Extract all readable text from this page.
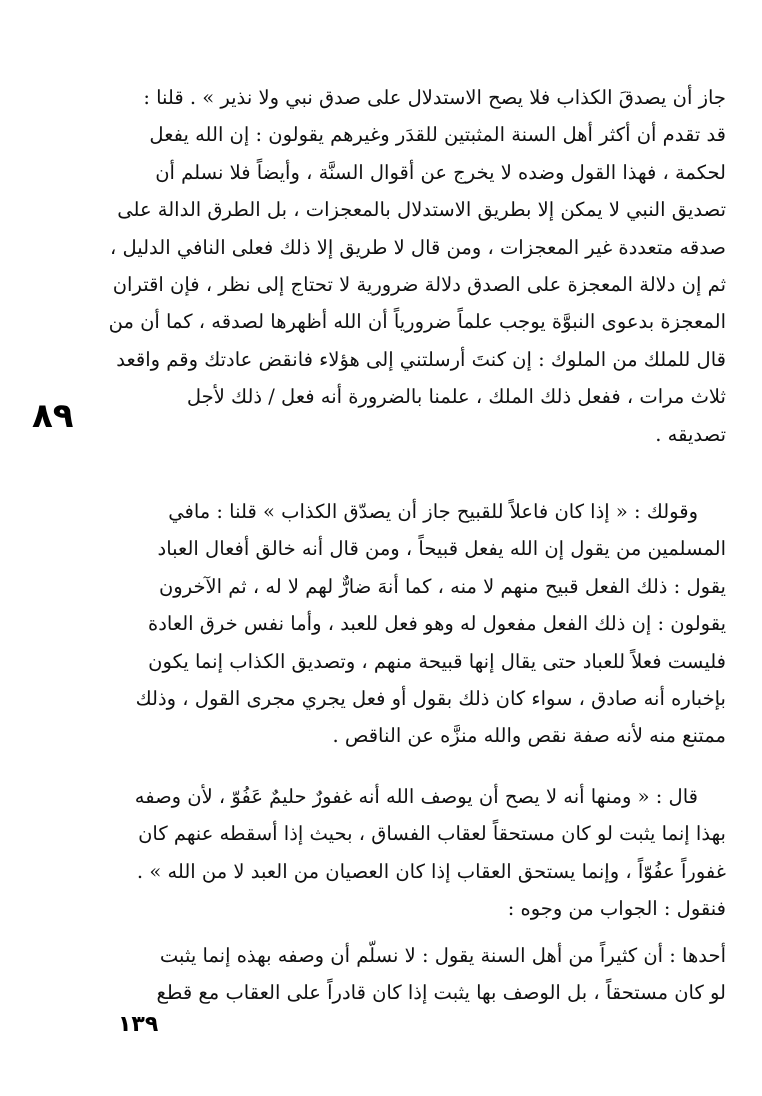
٨٩
جاز أن يصدقَ الكذاب فلا يصح الاستدلال على صدق نبي ولا نذير » . قلنا :
قد تقدم أن أكثر أهل السنة المثبتين للقدَر وغيرهم يقولون : إن الله يفعل
لحكمة ، فهذا القول وضده لا يخرج عن أقوال السنَّة ، وأيضاً فلا نسلم أن
تصديق النبي لا يمكن إلا بطريق الاستدلال بالمعجزات ، بل الطرق الدالة على
صدقه متعددة غير المعجزات ، ومن قال لا طريق إلا ذلك فعلى النافي الدليل ،
ثم إن دلالة المعجزة على الصدق دلالة ضرورية لا تحتاج إلى نظر ، فإن اقتران
المعجزة بدعوى النبوَّة يوجب علماً ضرورياً أن الله أظهرها لصدقه ، كما أن من
قال للملك من الملوك : إن كنتَ أرسلتني إلى هؤلاء فانقض عادتك وقم واقعد
ثلاث مرات ، ففعل ذلك الملك ، علمنا بالضرورة أنه فعل / ذلك لأجل
تصديقه .
وقولك : « إذا كان فاعلاً للقبيح جاز أن يصدّق الكذاب » قلنا : مافي
المسلمين من يقول إن الله يفعل قبيحاً ، ومن قال أنه خالق أفعال العباد
يقول : ذلك الفعل قبيح منهم لا منه ، كما أنهَ ضارٌّ لهم لا له ، ثم الآخرون
يقولون : إن ذلك الفعل مفعول له وهو فعل للعبد ، وأما نفس خرق العادة
فليست فعلاً للعباد حتى يقال إنها قبيحة منهم ، وتصديق الكذاب إنما يكون
بإخباره أنه صادق ، سواء كان ذلك بقول أو فعل يجري مجرى القول ، وذلك
ممتنع منه لأنه صفة نقص والله منزَّه عن الناقص .
قال : « ومنها أنه لا يصح أن يوصف الله أنه غفورٌ حليمٌ عَفُوّ ، لأن وصفه
بهذا إنما يثبت لو كان مستحقاً لعقاب الفساق ، بحيث إذا أسقطه عنهم كان
غفوراً عفُوّاً ، وإنما يستحق العقاب إذا كان العصيان من العبد لا من الله » .
فنقول : الجواب من وجوه :
أحدها : أن كثيراً من أهل السنة يقول : لا نسلّم أن وصفه بهذه إنما يثبت
لو كان مستحقاً ، بل الوصف بها يثبت إذا كان قادراً على العقاب مع قطع
١٣٩
